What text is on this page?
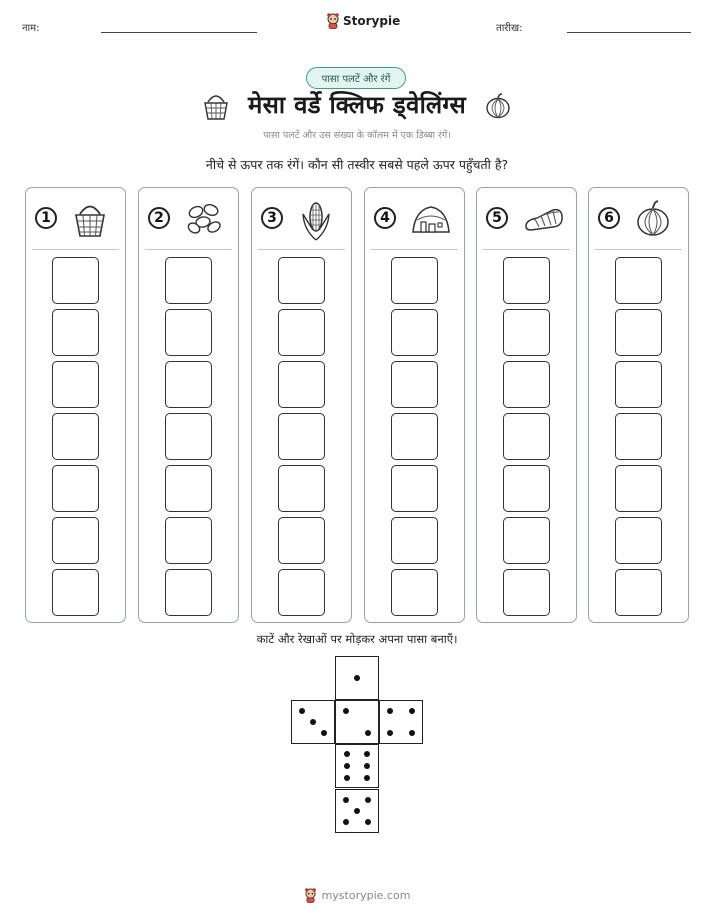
नाम:	तारीख:
Storypie
पासा पलटें और रंगें
मेसा वर्डे क्लिफ ड्वेलिंग्स
पासा पलटें और उस संख्या के कॉलम में एक डिब्बा रंगें।
नीचे से ऊपर तक रंगें। कौन सी तस्वीर सबसे पहले ऊपर पहुँचती है?
1	2	3	4	5	6
काटें और रेखाओं पर मोड़कर अपना पासा बनाएँ।
mystorypie.com
